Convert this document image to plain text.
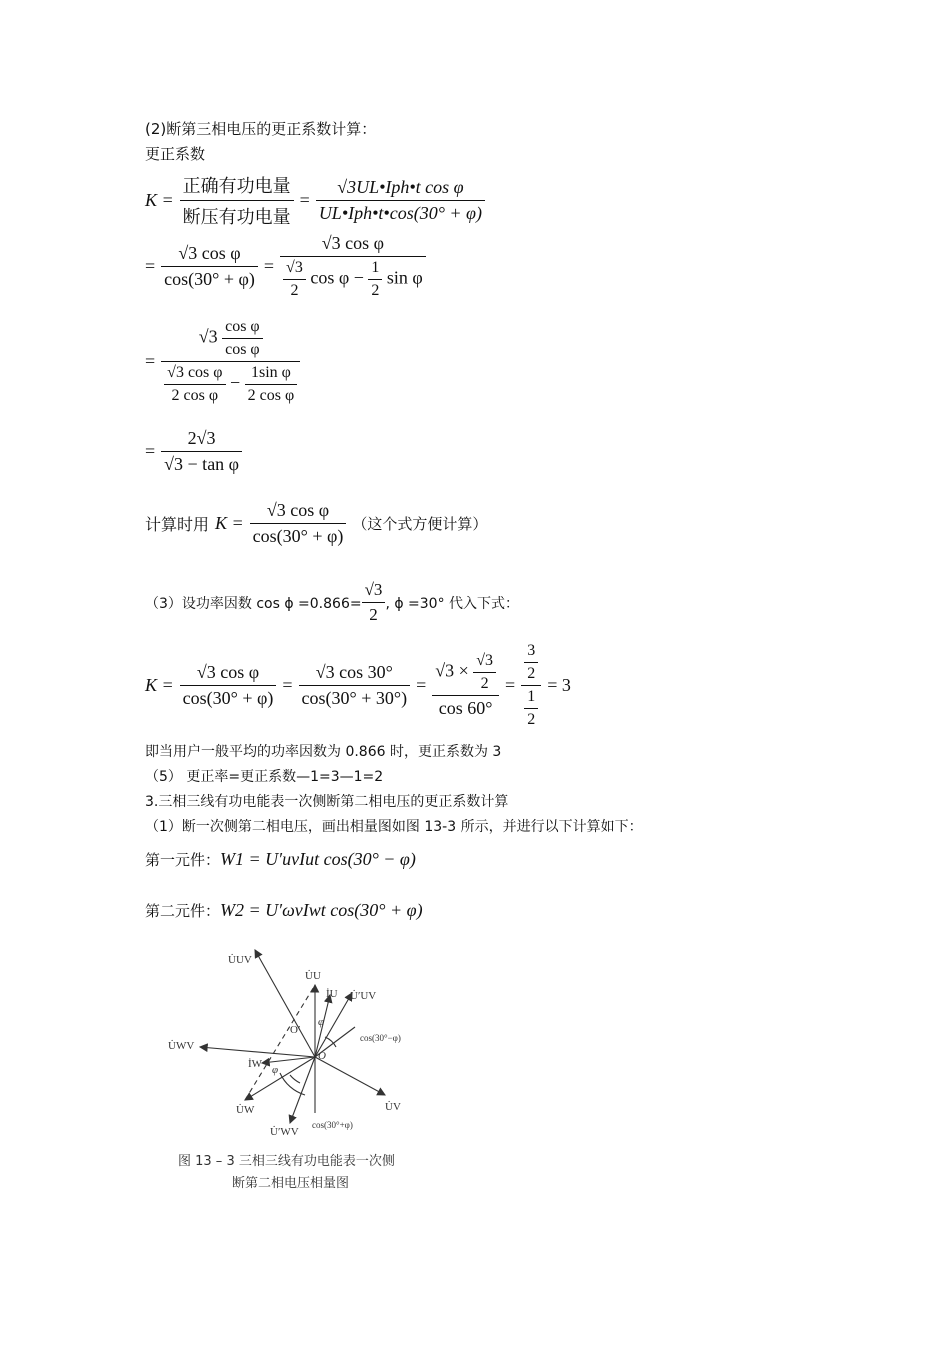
(2)断第三相电压的更正系数计算：
更正系数
$K = \frac{\text{正确有功电量}}{\text{断压有功电量}} = \frac{\text{√3UL•Iph•t cos φ}}{\text{UL•Iph•t•cos(30° + φ)}}$
= $\frac{\text{√3 cos φ}}{\cos(30^\circ + \varphi)}$ =
√3 cos φ
$\frac{√3}{2}$ $\cos \varphi - \frac{1}{2}$ sin φ
=
$√3 \frac{\text{cos φ}}{\text{cos φ}}$
$\frac{\text{√3 cos φ}}{\text{2 cos φ}} - \frac{\text{1sin φ}}{\text{2 cos φ}}$
= $\frac{2√3}{\text{√3 − tan φ}}$
计算时用 $K = \frac{\text{√3 cos φ}}{\cos(30^\circ + \varphi)}$ （这个式方便计算）
（3）设功率因数 $\cos \phi =0.866= \frac{√3}{2}$ , ϕ =30° 代入下式：
$K = \frac{\text{√3 cos φ}}{\cos(30^\circ + \varphi)} = \frac{√3 \cos 30^\circ}{\cos(30^\circ + 30^\circ)} = \frac{√3 \times \frac{√3}{2}}{\cos 60^\circ} = \frac{\frac{3}{2}}{\frac{1}{2}} = 3$
即当用户一般平均的功率因数为 0.866 时，更正系数为 3
（5） 更正率=更正系数—1=3—1=2
3.三相三线有功电能表一次侧断第二相电压的更正系数计算
（1）断一次侧第二相电压，画出相量图如图 13-3 所示，并进行以下计算如下：
第一元件： W1 = U′uvIut cos(30° − φ)
第二元件： W2 = U′ωvIwt cos(30° + φ)
U̇UV
U̇U
İU U̇′UV
cos(30°−φ)
O′
O
U̇WV
İW
φ
φ
U̇W	U̇V
U̇′WV
cos(30°+φ)
图 13 – 3 三相三线有功电能表一次侧
断第二相电压相量图
